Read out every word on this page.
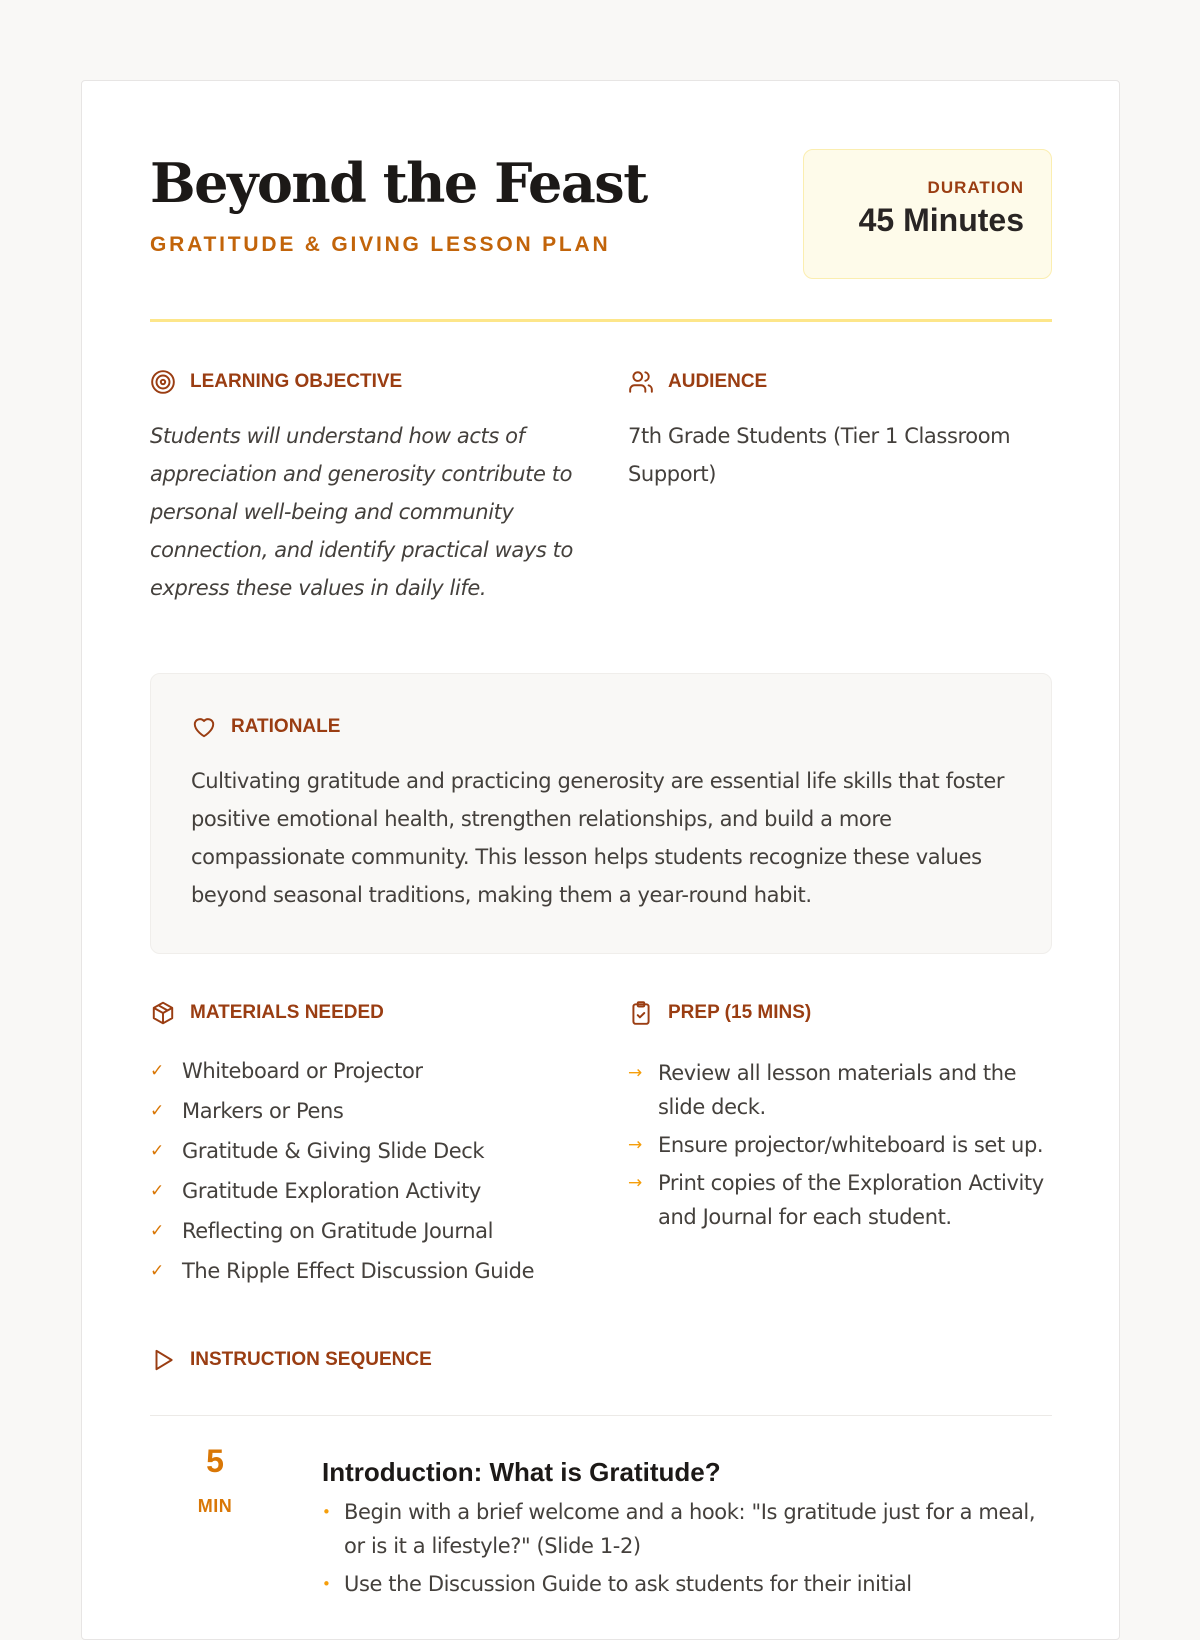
Beyond the Feast
GRATITUDE & GIVING LESSON PLAN
DURATION
45 Minutes
LEARNING OBJECTIVE

Students will understand how acts of appreciation and generosity contribute to personal well-being and community connection, and identify practical ways to express these values in daily life.

AUDIENCE

7th Grade Students (Tier 1 Classroom Support)

RATIONALE

Cultivating gratitude and practicing generosity are essential life skills that foster positive emotional health, strengthen relationships, and build a more compassionate community. This lesson helps students recognize these values beyond seasonal traditions, making them a year-round habit.

MATERIALS NEEDED
✓ Whiteboard or Projector
✓ Markers or Pens
✓ Gratitude & Giving Slide Deck
✓ Gratitude Exploration Activity
✓ Reflecting on Gratitude Journal
✓ The Ripple Effect Discussion Guide
PREP (15 MINS)
→ Review all lesson materials and the slide deck.
→ Ensure projector/whiteboard is set up.
→ Print copies of the Exploration Activity and Journal for each student.
INSTRUCTION SEQUENCE
5
MIN
Introduction: What is Gratitude?
• Begin with a brief welcome and a hook: "Is gratitude just for a meal, or is it a lifestyle?" (Slide 1-2)
• Use the Discussion Guide to ask students for their initial
